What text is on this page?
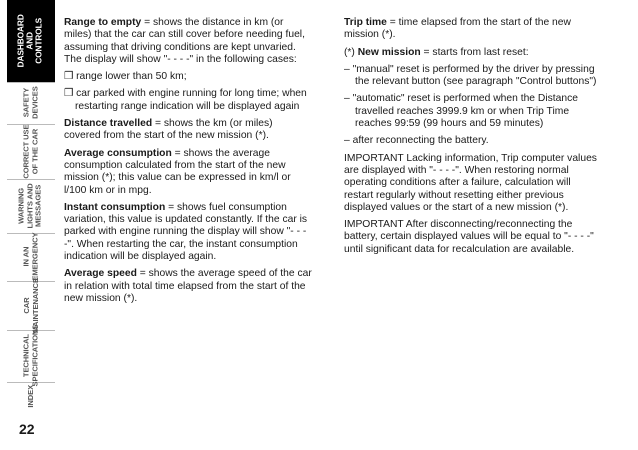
DASHBOARD
AND
CONTROLS
SAFETY
DEVICES
CORRECT USE
OF THE CAR
WARNING
LIGHTS AND
MESSAGES
IN AN
EMERGENCY
CAR
MAINTENANCE
TECHNICAL
SPECIFICATIONS
INDEX
22

Range to empty = shows the distance in km (or miles) that the car can still cover before needing fuel, assuming that driving conditions are kept unvaried. The display will show "- - - -" in the following cases:

❒ range lower than 50 km;

❒ car parked with engine running for long time; when restarting range indication will be displayed again

Distance travelled = shows the km (or miles) covered from the start of the new mission (*).

Average consumption = shows the average consumption calculated from the start of the new mission (*); this value can be expressed in km/l or l/100 km or in mpg.

Instant consumption = shows fuel consumption variation, this value is updated constantly. If the car is parked with engine running the display will show "- - - -". When restarting the car, the instant consumption indication will be displayed again.

Average speed = shows the average speed of the car in relation with total time elapsed from the start of the new mission (*).

Trip time = time elapsed from the start of the new mission (*).

(*) New mission = starts from last reset:

– "manual" reset is performed by the driver by pressing the relevant button (see paragraph "Control buttons")

– "automatic" reset is performed when the Distance travelled reaches 3999.9 km or when Trip Time reaches 99:59 (99 hours and 59 minutes)

– after reconnecting the battery.

IMPORTANT Lacking information, Trip computer values are displayed with "- - - -". When restoring normal operating conditions after a failure, calculation will restart regularly without resetting either previous displayed values or the start of a new mission (*).

IMPORTANT After disconnecting/reconnecting the battery, certain displayed values will be equal to "- - - -" until significant data for recalculation are available.
